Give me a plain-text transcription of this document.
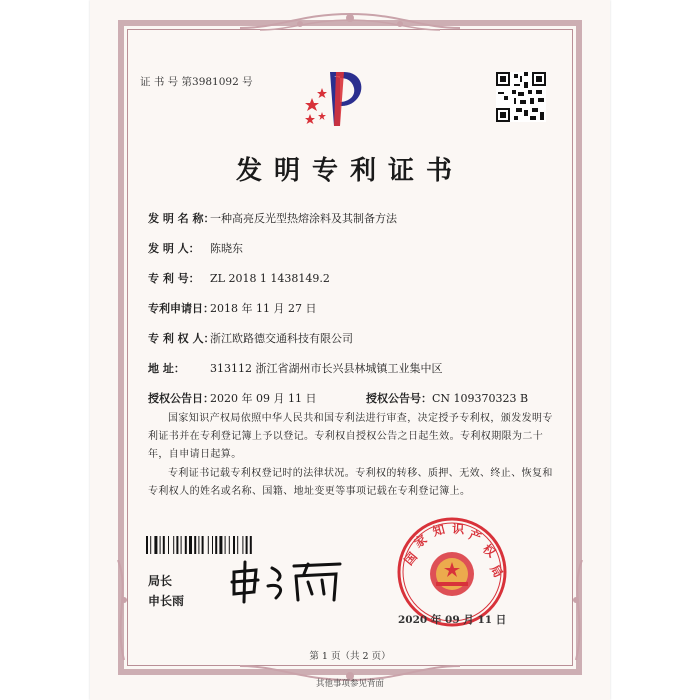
证 书 号 第3981092 号
发明专利证书
发 明 名 称：一种高亮反光型热熔涂料及其制备方法
发 明 人： 陈晓东
专 利 号： ZL 2018 1 1438149.2
专利申请日：2018 年 11 月 27 日
专 利 权 人：浙江欧路德交通科技有限公司
地 址： 313112 浙江省湖州市长兴县林城镇工业集中区
授权公告日：2020 年 09 月 11 日	授权公告号：CN 109370323 B
国家知识产权局依照中华人民共和国专利法进行审查，决定授予专利权，颁发发明专利证书并在专利登记簿上予以登记。专利权自授权公告之日起生效。专利权期限为二十年，自申请日起算。
专利证书记载专利权登记时的法律状况。专利权的转移、质押、无效、终止、恢复和专利权人的姓名或名称、国籍、地址变更等事项记载在专利登记簿上。
局长
申长雨
国
家
知 识 产
权
局
2020 年 09 月 11 日
第 1 页（共 2 页）
其他事项参见背面
